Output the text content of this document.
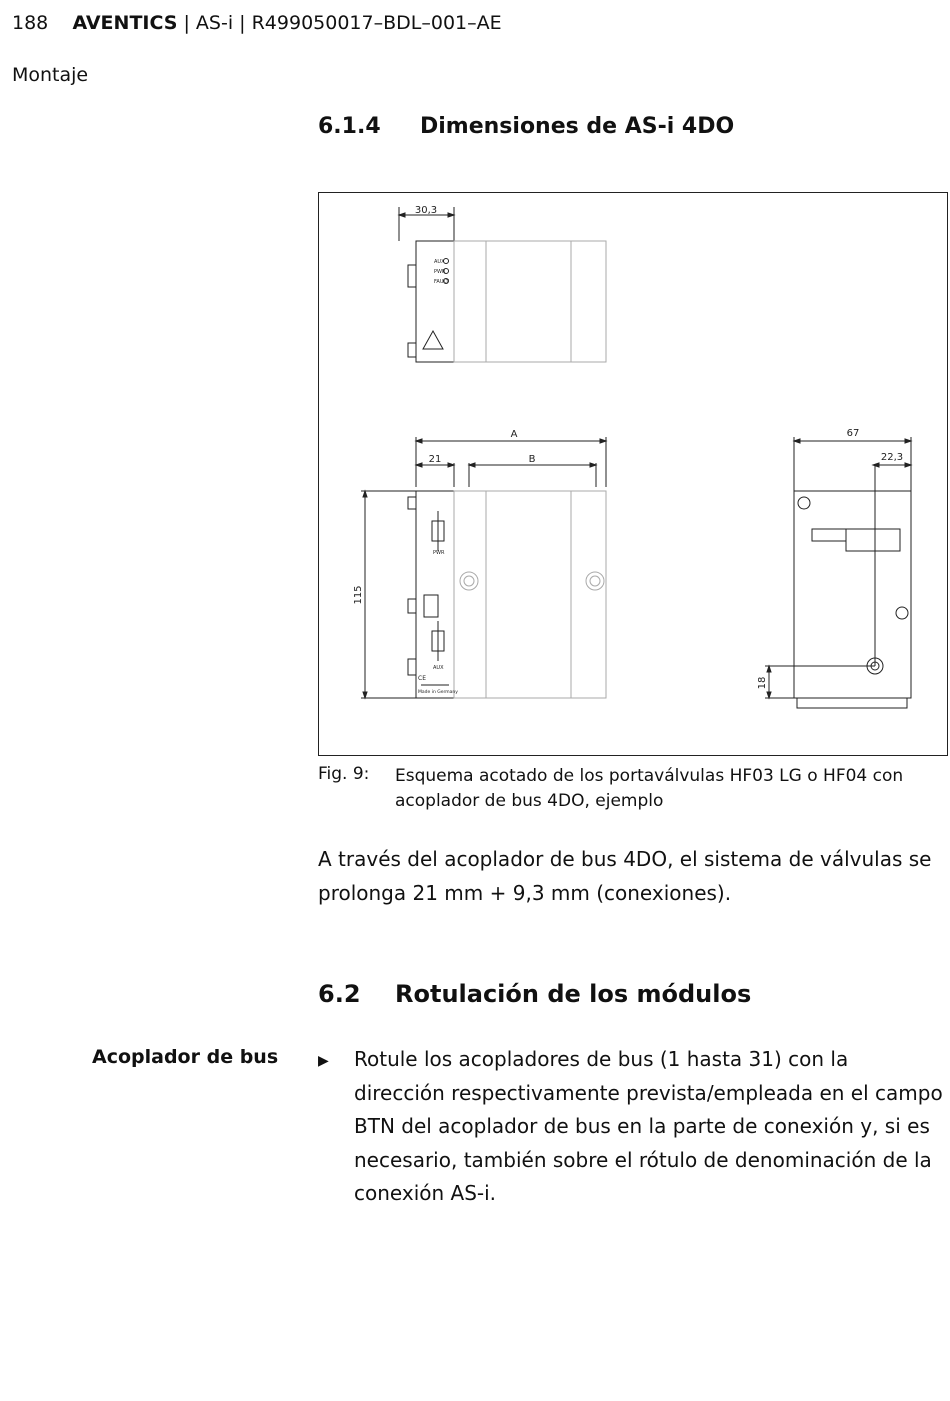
188 AVENTICS | AS-i | R499050017–BDL–001–AE
Montaje
6.1.4 Dimensiones de AS-i 4DO
30,3
AUX
PWR
FAULT
A
21	B
115
PWR
AUX
CE
Made in Germany
67
22,3
18
Fig. 9: Esquema acotado de los portaválvulas HF03 LG o HF04 con acoplador de bus 4DO, ejemplo
A través del acoplador de bus 4DO, el sistema de válvulas se prolonga 21 mm + 9,3 mm (conexiones).
6.2 Rotulación de los módulos
Acoplador de bus	▶ Rotule los acopladores de bus (1 hasta 31) con la dirección respectivamente prevista/empleada en el campo BTN del acoplador de bus en la parte de conexión y, si es necesario, también sobre el rótulo de denominación de la conexión AS-i.
